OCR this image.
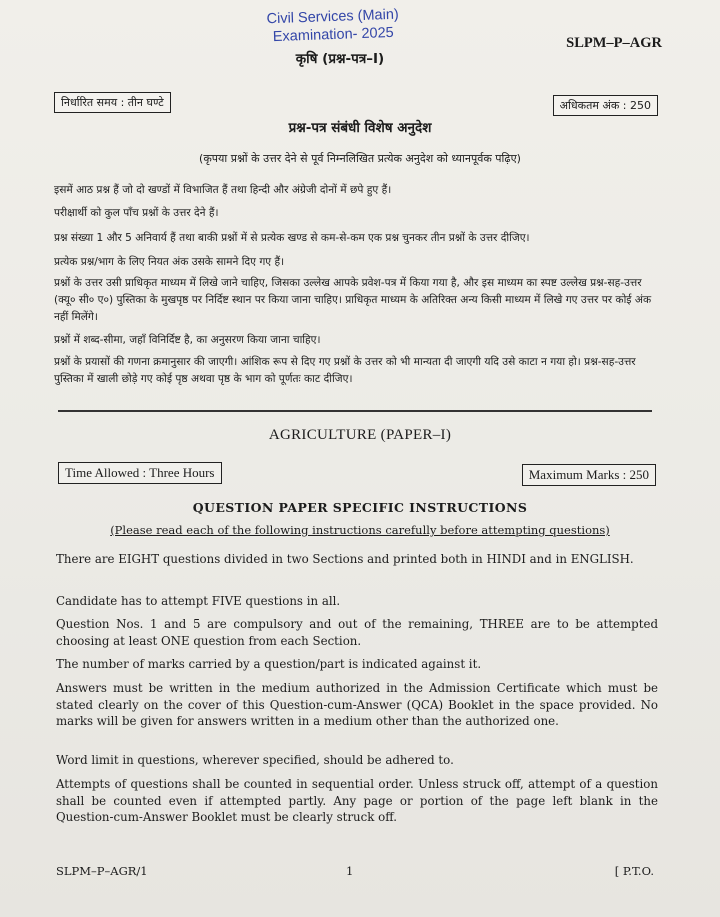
Civil Services (Main)
Examination- 2025	SLPM–P–AGR
कृषि (प्रश्न-पत्र–I)
निर्धारित समय : तीन घण्टे	अधिकतम अंक : 250
प्रश्न-पत्र संबंधी विशेष अनुदेश
(कृपया प्रश्नों के उत्तर देने से पूर्व निम्नलिखित प्रत्येक अनुदेश को ध्यानपूर्वक पढ़िए)

इसमें आठ प्रश्न हैं जो दो खण्डों में विभाजित हैं तथा हिन्दी और अंग्रेजी दोनों में छपे हुए हैं।

परीक्षार्थी को कुल पाँच प्रश्नों के उत्तर देने हैं।

प्रश्न संख्या 1 और 5 अनिवार्य हैं तथा बाकी प्रश्नों में से प्रत्येक खण्ड से कम-से-कम एक प्रश्न चुनकर तीन प्रश्नों के उत्तर दीजिए।

प्रत्येक प्रश्न/भाग के लिए नियत अंक उसके सामने दिए गए हैं।

प्रश्नों के उत्तर उसी प्राधिकृत माध्यम में लिखे जाने चाहिए, जिसका उल्लेख आपके प्रवेश-पत्र में किया गया है, और इस माध्यम का स्पष्ट उल्लेख प्रश्न-सह-उत्तर (क्यू० सी० ए०) पुस्तिका के मुखपृष्ठ पर निर्दिष्ट स्थान पर किया जाना चाहिए। प्राधिकृत माध्यम के अतिरिक्त अन्य किसी माध्यम में लिखे गए उत्तर पर कोई अंक नहीं मिलेंगे।

प्रश्नों में शब्द-सीमा, जहाँ विनिर्दिष्ट है, का अनुसरण किया जाना चाहिए।

प्रश्नों के प्रयासों की गणना क्रमानुसार की जाएगी। आंशिक रूप से दिए गए प्रश्नों के उत्तर को भी मान्यता दी जाएगी यदि उसे काटा न गया हो। प्रश्न-सह-उत्तर पुस्तिका में खाली छोड़े गए कोई पृष्ठ अथवा पृष्ठ के भाग को पूर्णतः काट दीजिए।

AGRICULTURE (PAPER–I)
Time Allowed : Three Hours	Maximum Marks : 250
QUESTION PAPER SPECIFIC INSTRUCTIONS
(Please read each of the following instructions carefully before attempting questions)

There are EIGHT questions divided in two Sections and printed both in HINDI and in ENGLISH.

Candidate has to attempt FIVE questions in all.

Question Nos. 1 and 5 are compulsory and out of the remaining, THREE are to be attempted choosing at least ONE question from each Section.

The number of marks carried by a question/part is indicated against it.

Answers must be written in the medium authorized in the Admission Certificate which must be stated clearly on the cover of this Question-cum-Answer (QCA) Booklet in the space provided. No marks will be given for answers written in a medium other than the authorized one.

Word limit in questions, wherever specified, should be adhered to.

Attempts of questions shall be counted in sequential order. Unless struck off, attempt of a question shall be counted even if attempted partly. Any page or portion of the page left blank in the Question-cum-Answer Booklet must be clearly struck off.

SLPM–P–AGR/1	1	[ P.T.O.
